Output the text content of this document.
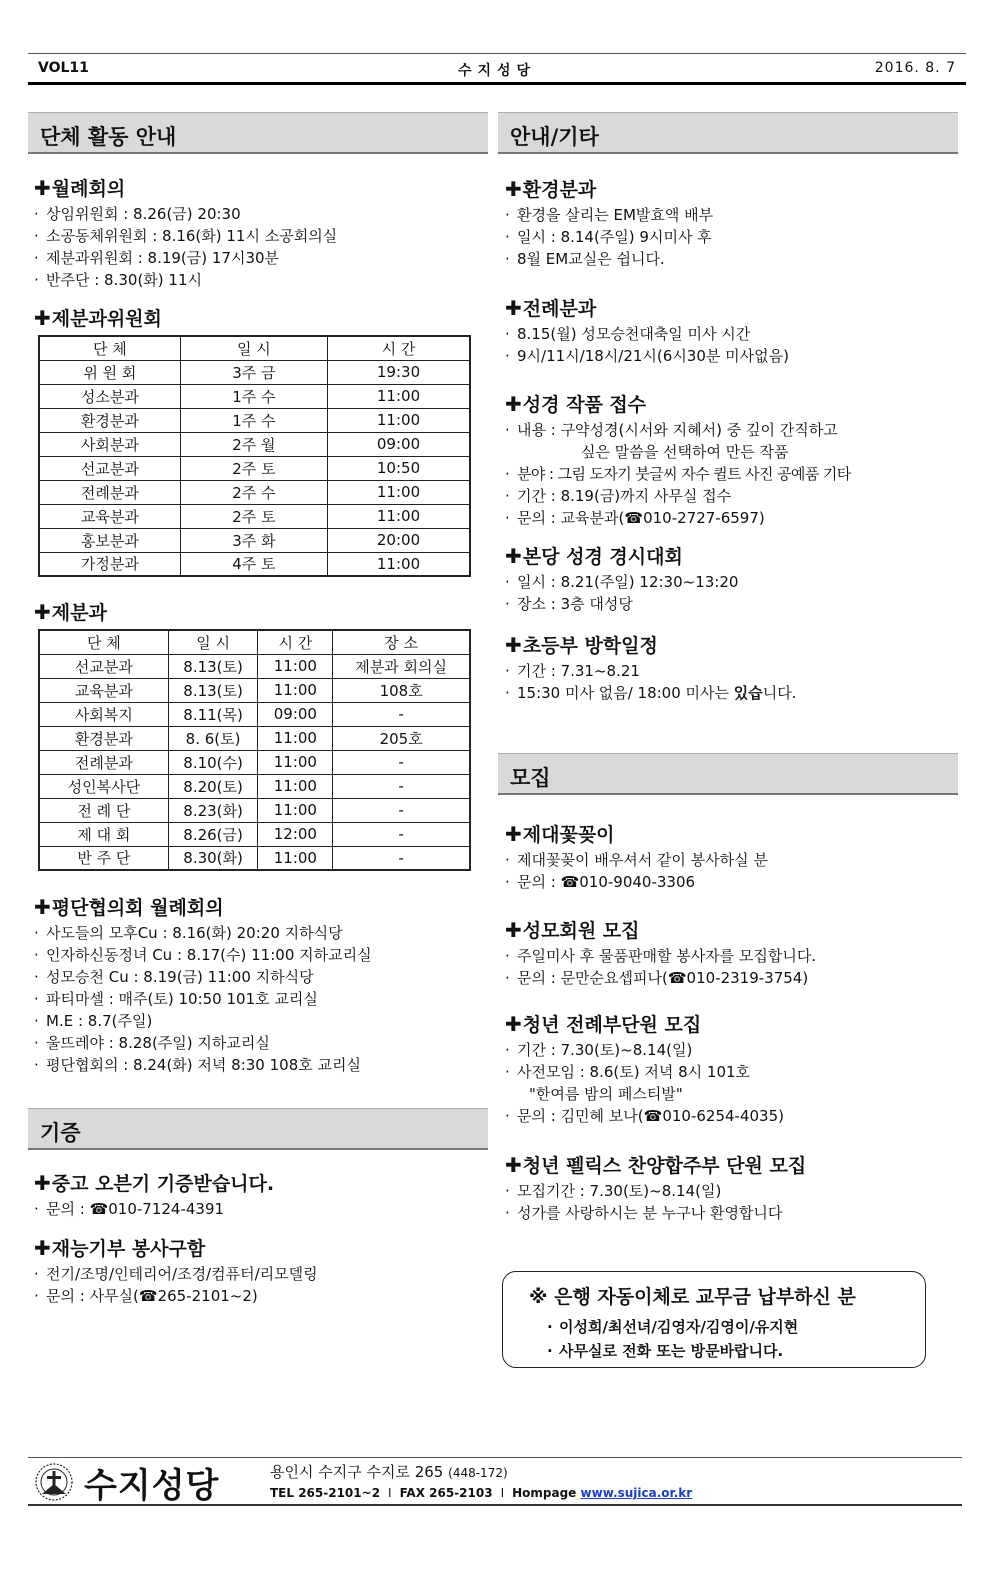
VOL11	수지성당	2016. 8. 7
단체 활동 안내	안내/기타
기증
모집
✚월례회의
· 상임위원회 : 8.26(금) 20:30
· 소공동체위원회 : 8.16(화) 11시 소공회의실
· 제분과위원회 : 8.19(금) 17시30분
· 반주단 : 8.30(화) 11시
✚제분과위원회
단 체	일 시	시 간
위 원 회	3주 금	19:30
성소분과	1주 수	11:00
환경분과	1주 수	11:00
사회분과	2주 월	09:00
선교분과	2주 토	10:50
전례분과	2주 수	11:00
교육분과	2주 토	11:00
홍보분과	3주 화	20:00
가정분과	4주 토	11:00
✚제분과
단 체	일 시	시 간	장 소
선교분과	8.13(토)	11:00	제분과 회의실
교육분과	8.13(토)	11:00	108호
사회복지	8.11(목)	09:00	-
환경분과	8. 6(토)	11:00	205호
전례분과	8.10(수)	11:00	-
성인복사단	8.20(토)	11:00	-
전 례 단	8.23(화)	11:00	-
제 대 회	8.26(금)	12:00	-
반 주 단	8.30(화)	11:00	-
✚평단협의회 월례회의
· 사도들의 모후Cu : 8.16(화) 20:20 지하식당
· 인자하신동정녀 Cu : 8.17(수) 11:00 지하교리실
· 성모승천 Cu : 8.19(금) 11:00 지하식당
· 파티마셀 : 매주(토) 10:50 101호 교리실
· M.E : 8.7(주일)
· 울뜨레야 : 8.28(주일) 지하교리실
· 평단협회의 : 8.24(화) 저녁 8:30 108호 교리실
✚중고 오븐기 기증받습니다.
· 문의 : ☎010-7124-4391
✚재능기부 봉사구함
· 전기/조명/인테리어/조경/컴퓨터/리모델링
· 문의 : 사무실(☎265-2101~2)
✚환경분과
· 환경을 살리는 EM발효액 배부
· 일시 : 8.14(주일) 9시미사 후
· 8월 EM교실은 쉽니다.
✚전례분과
· 8.15(월) 성모승천대축일 미사 시간
· 9시/11시/18시/21시(6시30분 미사없음)
✚성경 작품 접수
· 내용 : 구약성경(시서와 지혜서) 중 깊이 간직하고
싶은 말씀을 선택하여 만든 작품
· 분야 : 그림 도자기 붓글씨 자수 퀼트 사진 공예품 기타
· 기간 : 8.19(금)까지 사무실 접수
· 문의 : 교육분과(☎010-2727-6597)
✚본당 성경 경시대회
· 일시 : 8.21(주일) 12:30~13:20
· 장소 : 3층 대성당
✚초등부 방학일정
· 기간 : 7.31~8.21
· 15:30 미사 없음/ 18:00 미사는 있습니다.
✚제대꽃꽂이
· 제대꽃꽂이 배우셔서 같이 봉사하실 분
· 문의 : ☎010-9040-3306
✚성모회원 모집
· 주일미사 후 물품판매할 봉사자를 모집합니다.
· 문의 : 문만순요셉피나(☎010-2319-3754)
✚청년 전례부단원 모집
· 기간 : 7.30(토)~8.14(일)
· 사전모임 : 8.6(토) 저녁 8시 101호
"한여름 밤의 페스티발"
· 문의 : 김민혜 보나(☎010-6254-4035)
✚청년 펠릭스 찬양합주부 단원 모집
· 모집기간 : 7.30(토)~8.14(일)
· 성가를 사랑하시는 분 누구나 환영합니다
※ 은행 자동이체로 교무금 납부하신 분
· 이성희/최선녀/김영자/김영이/유지현
· 사무실로 전화 또는 방문바랍니다.
수지성당	용인시 수지구 수지로 265 (448-172)
TEL 265-2101~2 I FAX 265-2103 I Hompage www.sujica.or.kr
